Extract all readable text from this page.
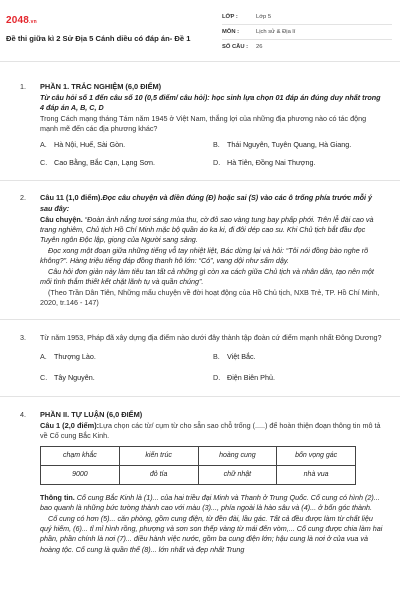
2048.vn
Đề thi giữa kì 2 Sử Địa 5 Cánh diều có đáp án- Đề 1
LỚP :	Lớp 5
MÔN :	Lịch sử & Địa lí
SỐ CÂU :	26
1. PHẦN 1. TRẮC NGHIỆM (6,0 ĐIỂM)
Từ câu hỏi số 1 đến câu số 10 (0,5 điểm/ câu hỏi): học sinh lựa chọn 01 đáp án đúng duy nhất trong 4 đáp án A, B, C, D
Trong Cách mạng tháng Tám năm 1945 ở Việt Nam, thắng lợi của những địa phương nào có tác động mạnh mẽ đến các địa phương khác?
A. Hà Nội, Huế, Sài Gòn.	B. Thái Nguyên, Tuyên Quang, Hà Giang.
C. Cao Bằng, Bắc Cạn, Lạng Sơn.	D. Hà Tiên, Đồng Nai Thượng.
2. Câu 11 (1,0 điểm).Đọc câu chuyện và điền đúng (Đ) hoặc sai (S) vào các ô trống phía trước mỗi ý sau đây:
Câu chuyện. “Đoàn ảnh nắng tươi sáng mùa thu, cờ đỏ sao vàng tung bay phấp phới. Trên lễ đài cao và trang nghiêm, Chủ tịch Hồ Chí Minh mặc bộ quần áo ka ki, đi đôi dép cao su. Khi Chủ tịch bắt đầu đọc Tuyên ngôn Độc lập, giọng của Người sang sảng.
Đọc xong một đoạn giữa những tiếng vỗ tay nhiệt liệt, Bác dừng lại và hỏi: “Tôi nói đồng bào nghe rõ không?”. Hàng triệu tiếng đáp đồng thanh hô lớn: “Có”, vang dội như sấm dậy.
Câu hỏi đơn giản này làm tiêu tan tất cả những gì còn xa cách giữa Chủ tịch và nhân dân, tạo nên một mối tình thắm thiết kết chặt lãnh tụ và quần chúng”.
(Theo Trần Dân Tiên, Những mẩu chuyện về đời hoạt động của Hồ Chủ tịch, NXB Trẻ, TP. Hồ Chí Minh, 2020, tr.146 - 147)
3. Từ năm 1953, Pháp đã xây dựng địa điểm nào dưới đây thành tập đoàn cứ điểm mạnh nhất Đông Dương?
A. Thượng Lào.	B. Việt Bắc.
C. Tây Nguyên.	D. Điện Biên Phủ.
4. PHẦN II. TỰ LUẬN (6,0 ĐIỂM)
Câu 1 (2,0 điểm):Lựa chọn các từ/ cụm từ cho sẵn sao chỗ trống (.....) để hoàn thiện đoạn thông tin mô tả về Cố cung Bắc Kinh.
chạm khắc	kiến trúc	hoàng cung	bốn vọng gác
9000	đỏ tía	chữ nhật	nhà vua
Thông tin. Cố cung Bắc Kinh là (1)... của hai triều đại Minh và Thanh ở Trung Quốc. Cố cung có hình (2)... bao quanh là những bức tường thành cao với màu (3)..., phía ngoài là hào sâu và (4)... ở bốn góc thành.
Cố cung có hơn (5)... căn phòng, gồm cung điện, từ đền đài, lầu gác. Tất cả đều được làm từ chất liệu quý hiếm, (6)... tỉ mỉ hình rồng, phượng và sơn son thếp vàng từ mái đến vòm,... Cố cung được chia làm hai phần, phần chính là nơi (7)... điều hành việc nước, gồm ba cung điện lớn; hậu cung là nơi ở của vua và hoàng tộc. Cố cung là quần thể (8)... lớn nhất và đẹp nhất Trung
